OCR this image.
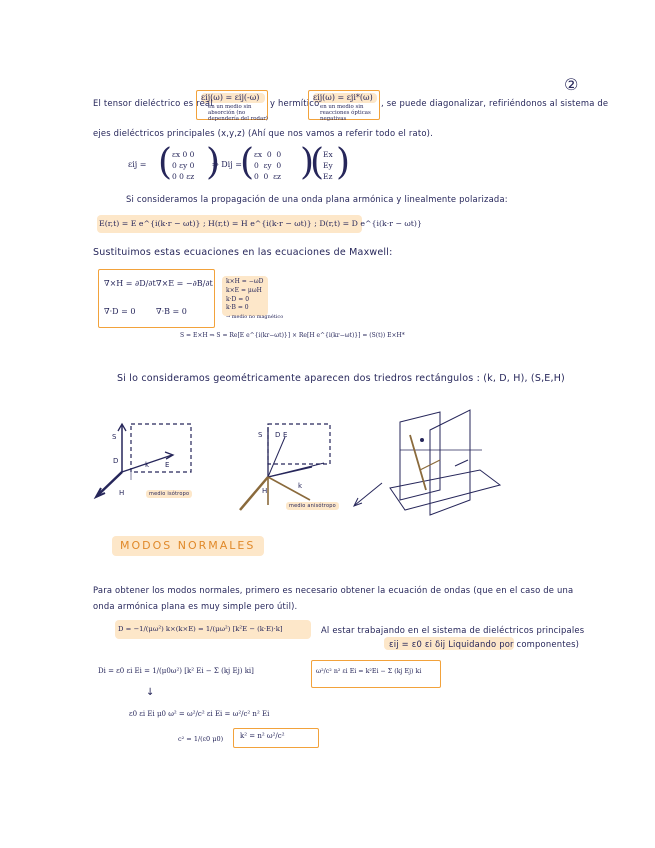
②
El tensor dieléctrico es real
εij(ω) = εij(-ω)
en un medio sin
absorción (no
dependería del rodar)
y hermítico
εij(ω) = εji*(ω)
en un medio sin
reacciones ópticas
negativas
, se puede diagonalizar, refiriéndonos al sistema de
ejes dieléctricos principales (x,y,z) (Ahí que nos vamos a referir todo el rato).
εij = ( εx 0 0
0 εy 0
0 0 εz )
⇒ Dij =
( εx  0  0
0  εy  0
0  0  εz )
(
Ex
Ey
Ez )
Si consideramos la propagación de una onda plana armónica y linealmente polarizada:
E(r,t) = E e^{i(k·r − ωt)} ; H(r,t) = H e^{i(k·r − ωt)} ; D(r,t) = D e^{i(k·r − ωt)}
Sustituimos estas ecuaciones en las ecuaciones de Maxwell:
∇×H = ∂D/∂t ∇×E = −∂B/∂t
∇·D = 0	∇·B = 0
k×H = −ωD
k×E = μωH
k·D = 0
k·B = 0
→ medio no magnético
S = E×H ⇒ S = Re[E e^{i(kr−ωt)}] × Re[H e^{i(kr−ωt)}] = (S(t)) E×H*
Si lo consideramos geométricamente aparecen dos triedros rectángulos : (k, D, H), (S,E,H)
S
D	k E
H	medio isótropo
S D E
k
H
medio anisótropo
MODOS NORMALES
Para obtener los modos normales, primero es necesario obtener la ecuación de ondas (que en el caso de una
onda armónica plana es muy simple pero útil).
D = −1/(μω²) k×(k×E) = 1/(μω²) [k²E − (k·E)·k]	Al estar trabajando en el sistema de dieléctricos principales
εij = ε0 εi δij Liquidando por componentes)
Di = ε0 εi Ei = 1/(μ0ω²) [k² Ei − Σ (kj Ej) ki]	ω²/c² n² εi Ei = k²Ei − Σ (kj Ej) ki
↓
ε0 εi Ei μ0 ω² = ω²/c² εi Ei = ω²/c² n² Ei
c² = 1/(ε0 μ0) k² = n² ω²/c²
